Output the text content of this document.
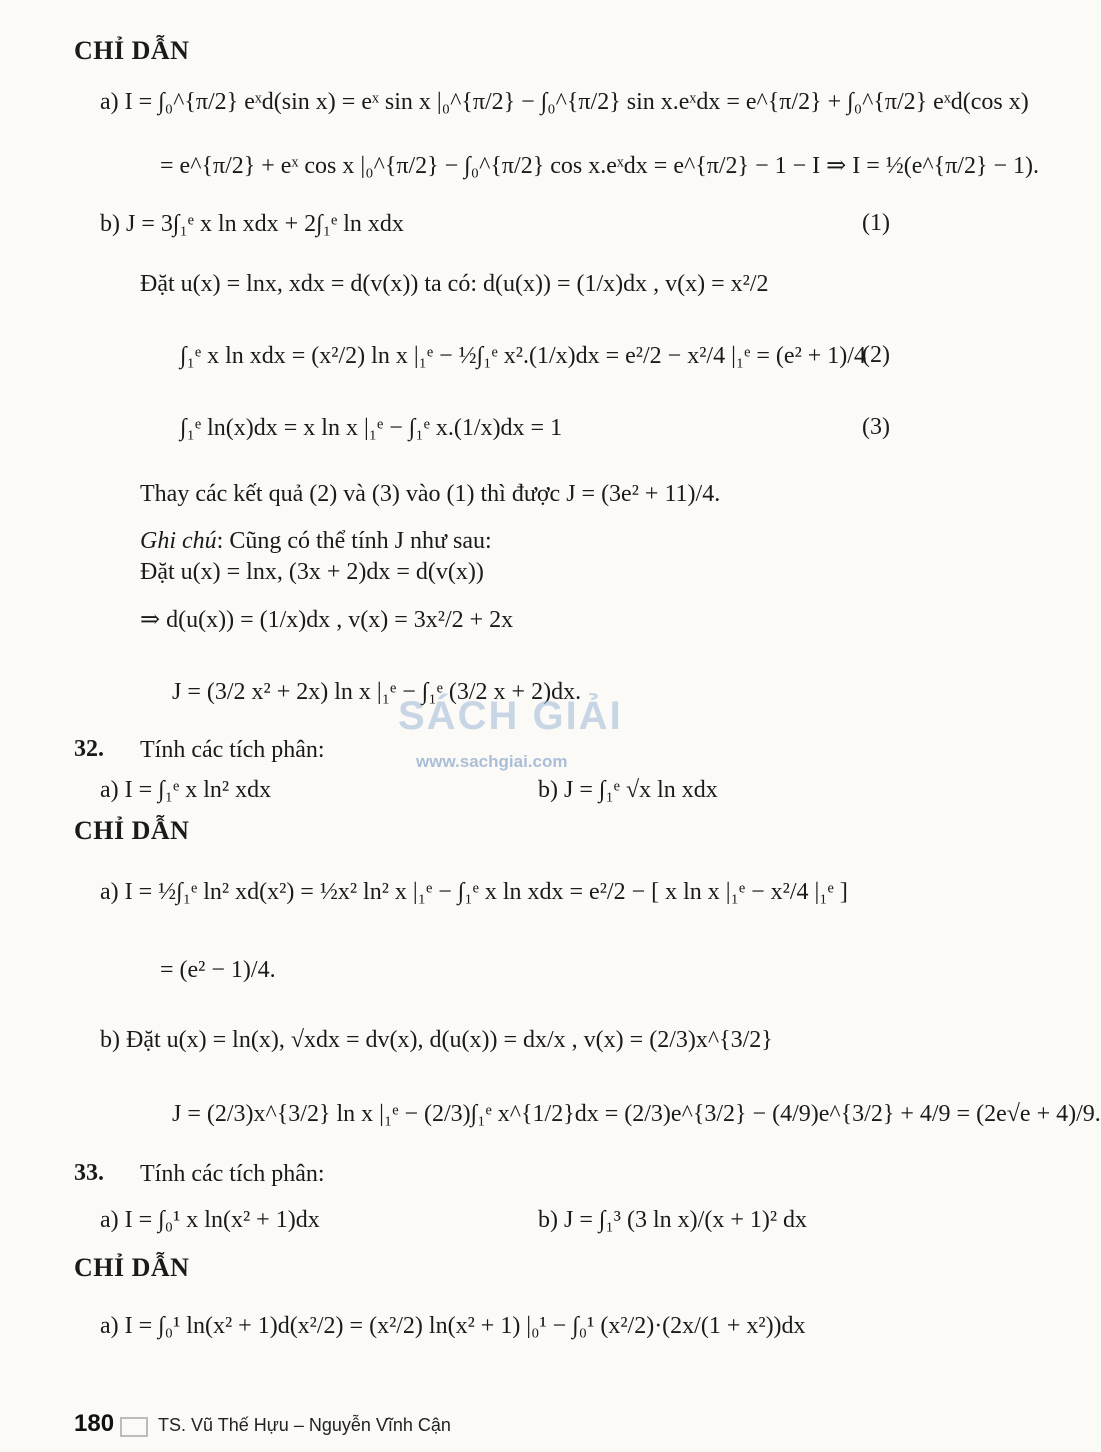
CHỈ DẪN
a) I = ∫₀^{π/2} eˣd(sin x) = eˣ sin x |₀^{π/2} − ∫₀^{π/2} sin x.eˣdx = e^{π/2} + ∫₀^{π/2} eˣd(cos x)
= e^{π/2} + eˣ cos x |₀^{π/2} − ∫₀^{π/2} cos x.eˣdx = e^{π/2} − 1 − I ⇒ I = ½(e^{π/2} − 1).
b) J = 3∫₁ᵉ x ln xdx + 2∫₁ᵉ ln xdx	(1)
Đặt u(x) = lnx, xdx = d(v(x)) ta có: d(u(x)) = (1/x)dx , v(x) = x²/2
∫₁ᵉ x ln xdx = (x²/2) ln x |₁ᵉ − ½∫₁ᵉ x².(1/x)dx = e²/2 − x²/4 |₁ᵉ = (e² + 1)/4
(2)
∫₁ᵉ ln(x)dx = x ln x |₁ᵉ − ∫₁ᵉ x.(1/x)dx = 1	(3)
Thay các kết quả (2) và (3) vào (1) thì được J = (3e² + 11)/4.
Ghi chú: Cũng có thể tính J như sau:
Đặt u(x) = lnx, (3x + 2)dx = d(v(x))
⇒ d(u(x)) = (1/x)dx , v(x) = 3x²/2 + 2x
J = (3/2 x² + 2x) ln x |₁ᵉ − ∫₁ᵉ (3/2 x + 2)dx.
SÁCH GIẢI
www.sachgiai.com
32. Tính các tích phân:
a) I = ∫₁ᵉ x ln² xdx	b) J = ∫₁ᵉ √x ln xdx
CHỈ DẪN
a) I = ½∫₁ᵉ ln² xd(x²) = ½x² ln² x |₁ᵉ − ∫₁ᵉ x ln xdx = e²/2 − [ x ln x |₁ᵉ − x²/4 |₁ᵉ ]
= (e² − 1)/4.
b) Đặt u(x) = ln(x), √xdx = dv(x), d(u(x)) = dx/x , v(x) = (2/3)x^{3/2}
J = (2/3)x^{3/2} ln x |₁ᵉ − (2/3)∫₁ᵉ x^{1/2}dx = (2/3)e^{3/2} − (4/9)e^{3/2} + 4/9 = (2e√e + 4)/9.
33. Tính các tích phân:
a) I = ∫₀¹ x ln(x² + 1)dx	b) J = ∫₁³ (3 ln x)/(x + 1)² dx
CHỈ DẪN
a) I = ∫₀¹ ln(x² + 1)d(x²/2) = (x²/2) ln(x² + 1) |₀¹ − ∫₀¹ (x²/2)·(2x/(1 + x²))dx
180 TS. Vũ Thế Hựu – Nguyễn Vĩnh Cận
